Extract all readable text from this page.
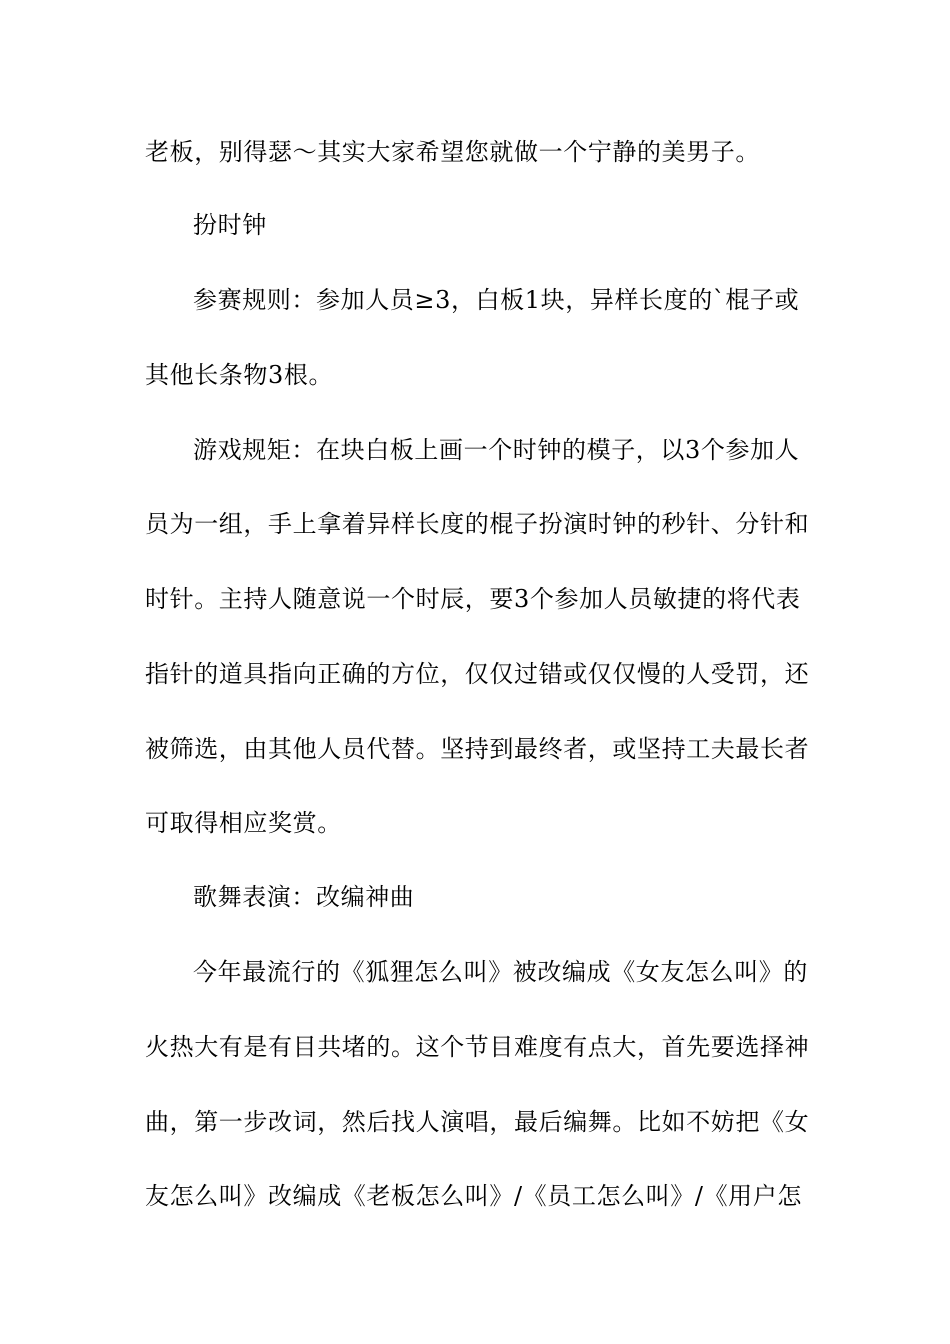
老板，别得瑟～其实大家希望您就做一个宁静的美男子。
扮时钟
参赛规则：参加人员≥3，白板1块，异样长度的`棍子或
其他长条物3根。
游戏规矩：在块白板上画一个时钟的模子，以3个参加人
员为一组，手上拿着异样长度的棍子扮演时钟的秒针、分针和
时针。主持人随意说一个时辰，要3个参加人员敏捷的将代表
指针的道具指向正确的方位，仅仅过错或仅仅慢的人受罚，还
被筛选，由其他人员代替。坚持到最终者，或坚持工夫最长者
可取得相应奖赏。
歌舞表演：改编神曲
今年最流行的《狐狸怎么叫》被改编成《女友怎么叫》的
火热大有是有目共堵的。这个节目难度有点大，首先要选择神
曲，第一步改词，然后找人演唱，最后编舞。比如不妨把《女
友怎么叫》改编成《老板怎么叫》/《员工怎么叫》/《用户怎
